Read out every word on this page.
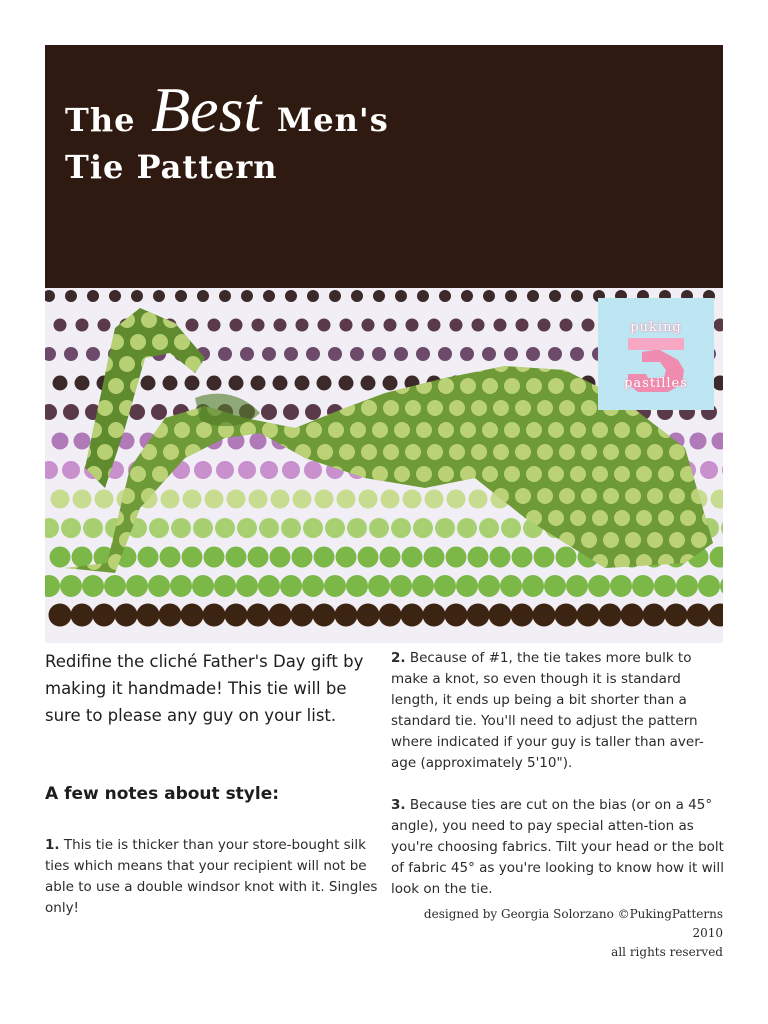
The Best Men's
Tie Pattern
puking
pastilles
Redifine the cliché Father's Day gift by making it handmade! This tie will be sure to please any guy on your list.
A few notes about style:
1. This tie is thicker than your store-bought silk ties which means that your recipient will not be able to use a double windsor knot with it. Singles only!
2. Because of #1, the tie takes more bulk to make a knot, so even though it is standard length, it ends up being a bit shorter than a standard tie. You'll need to adjust the pattern where indicated if your guy is taller than aver-age (approximately 5'10").
3. Because ties are cut on the bias (or on a 45° angle), you need to pay special atten-tion as you're choosing fabrics. Tilt your head or the bolt of fabric 45° as you're looking to know how it will look on the tie.
designed by Georgia Solorzano ©PukingPatterns 2010
all rights reserved
